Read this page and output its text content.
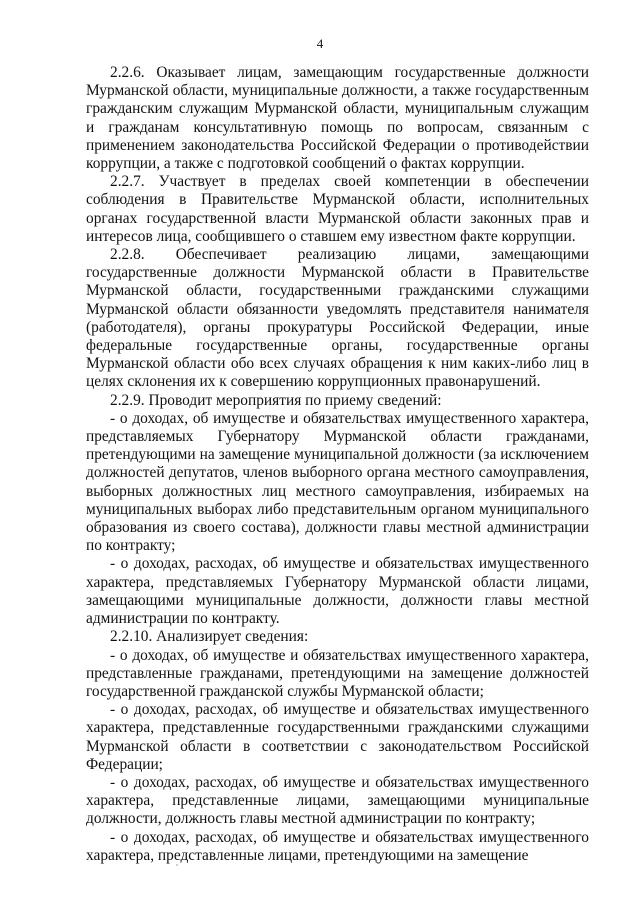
4

2.2.6. Оказывает лицам, замещающим государственные должности Мурманской области, муниципальные должности, а также государственным гражданским служащим Мурманской области, муниципальным служащим и гражданам консультативную помощь по вопросам, связанным с применением законодательства Российской Федерации о противодействии коррупции, а также с подготовкой сообщений о фактах коррупции.

2.2.7. Участвует в пределах своей компетенции в обеспечении соблюдения в Правительстве Мурманской области, исполнительных органах государственной власти Мурманской области законных прав и интересов лица, сообщившего о ставшем ему известном факте коррупции.

2.2.8. Обеспечивает реализацию лицами, замещающими государственные должности Мурманской области в Правительстве Мурманской области, государственными гражданскими служащими Мурманской области обязанности уведомлять представителя нанимателя (работодателя), органы прокуратуры Российской Федерации, иные федеральные государственные органы, государственные органы Мурманской области обо всех случаях обращения к ним каких-либо лиц в целях склонения их к совершению коррупционных правонарушений.

2.2.9. Проводит мероприятия по приему сведений:

- о доходах, об имуществе и обязательствах имущественного характера, представляемых Губернатору Мурманской области гражданами, претендующими на замещение муниципальной должности (за исключением должностей депутатов, членов выборного органа местного самоуправления, выборных должностных лиц местного самоуправления, избираемых на муниципальных выборах либо представительным органом муниципального образования из своего состава), должности главы местной администрации по контракту;

- о доходах, расходах, об имуществе и обязательствах имущественного характера, представляемых Губернатору Мурманской области лицами, замещающими муниципальные должности, должности главы местной администрации по контракту.

2.2.10. Анализирует сведения:

- о доходах, об имуществе и обязательствах имущественного характера, представленные гражданами, претендующими на замещение должностей государственной гражданской службы Мурманской области;

- о доходах, расходах, об имуществе и обязательствах имущественного характера, представленные государственными гражданскими служащими Мурманской области в соответствии с законодательством Российской Федерации;

- о доходах, расходах, об имуществе и обязательствах имущественного характера, представленные лицами, замещающими муниципальные должности, должность главы местной администрации по контракту;

- о доходах, расходах, об имуществе и обязательствах имущественного характера, представленные лицами, претендующими на замещение
